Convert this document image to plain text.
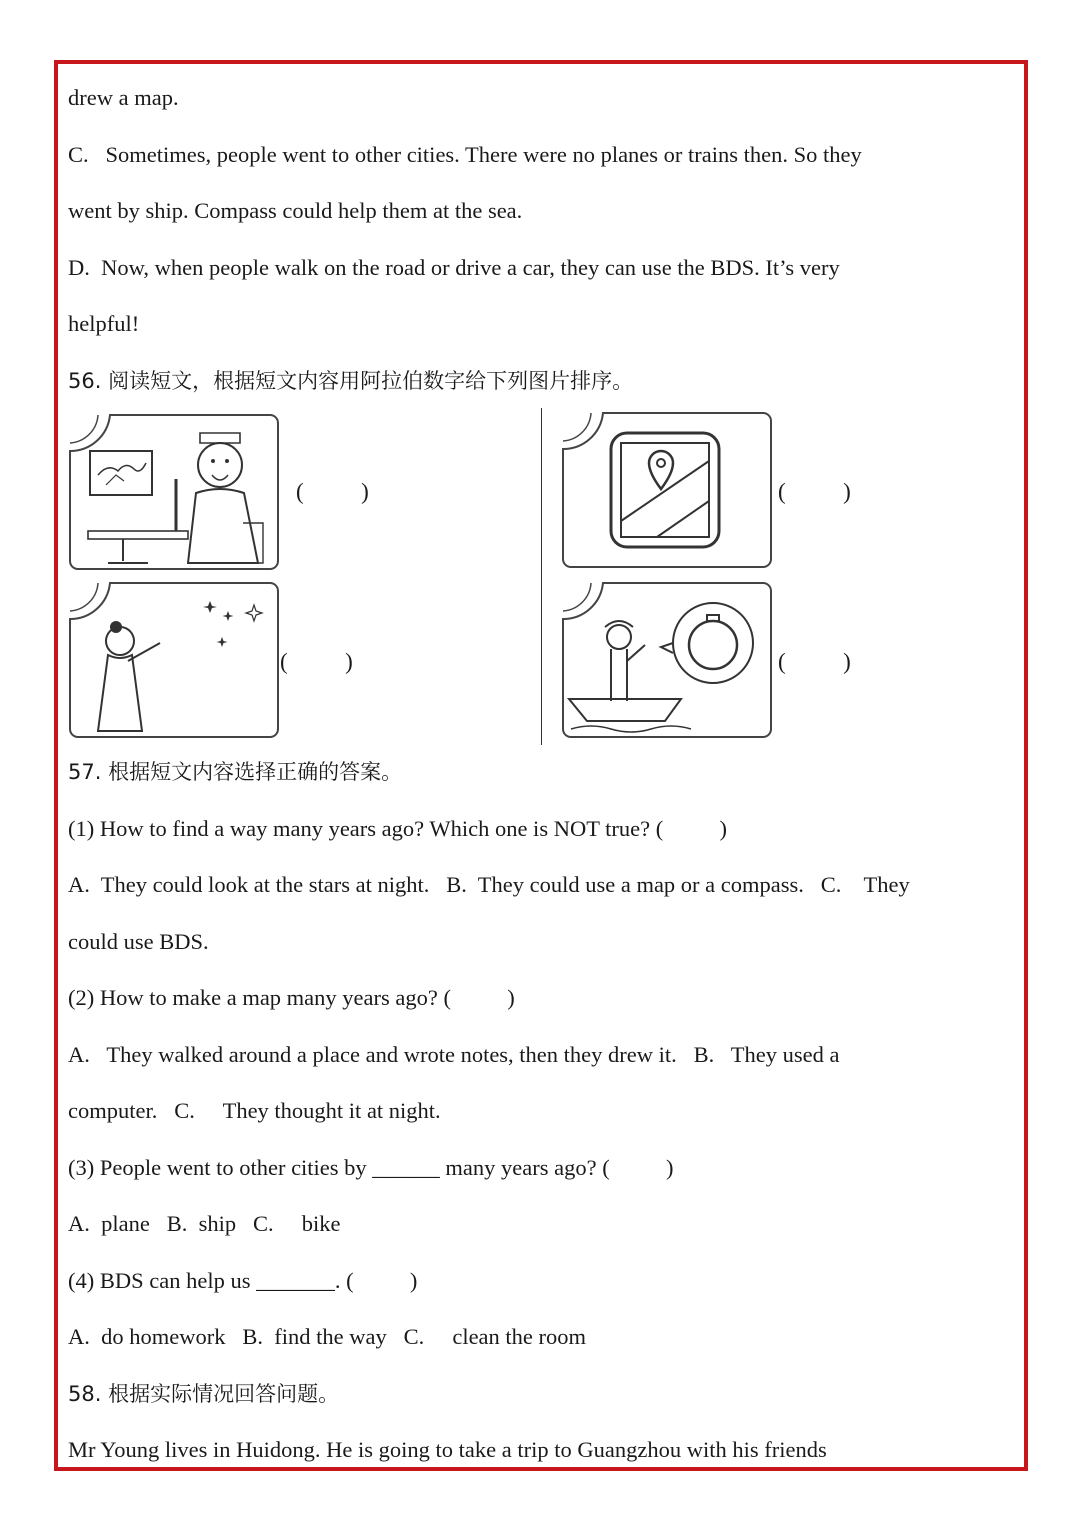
drew a map.
C.   Sometimes, people went to other cities. There were no planes or trains then. So they
went by ship. Compass could help them at the sea.
D.  Now, when people walk on the road or drive a car, they can use the BDS. It’s very
helpful!
56. 阅读短文，根据短文内容用阿拉伯数字给下列图片排序。
(          )	(          )
(          )	(          )
57. 根据短文内容选择正确的答案。
(1) How to find a way many years ago? Which one is NOT true? (          )
A.  They could look at the stars at night.   B.  They could use a map or a compass.   C.    They
could use BDS.
(2) How to make a map many years ago? (          )
A.   They walked around a place and wrote notes, then they drew it.   B.   They used a
computer.   C.     They thought it at night.
(3) People went to other cities by ______ many years ago? (          )
A.  plane   B.  ship   C.     bike
(4) BDS can help us _______. (          )
A.  do homework   B.  find the way   C.     clean the room
58. 根据实际情况回答问题。
Mr Young lives in Huidong. He is going to take a trip to Guangzhou with his friends
